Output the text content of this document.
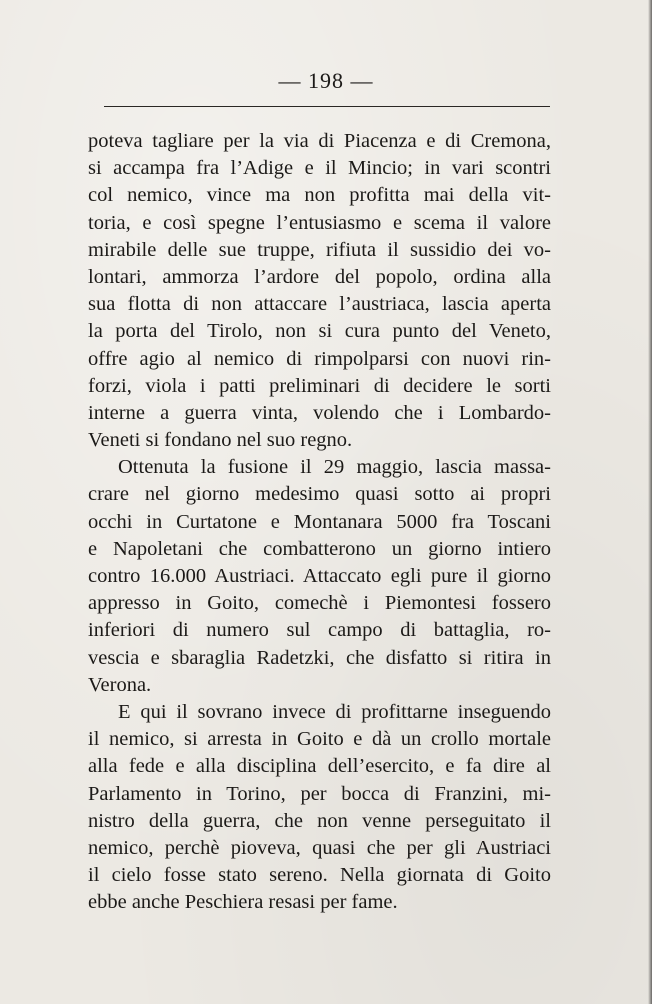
— 198 —
poteva tagliare per la via di Piacenza e di Cremona,
si accampa fra l’Adige e il Mincio; in vari scontri
col nemico, vince ma non profitta mai della vit-
toria, e così spegne l’entusiasmo e scema il valore
mirabile delle sue truppe, rifiuta il sussidio dei vo-
lontari, ammorza l’ardore del popolo, ordina alla
sua flotta di non attaccare l’austriaca, lascia aperta
la porta del Tirolo, non si cura punto del Veneto,
offre agio al nemico di rimpolparsi con nuovi rin-
forzi, viola i patti preliminari di decidere le sorti
interne a guerra vinta, volendo che i Lombardo-
Veneti si fondano nel suo regno.
Ottenuta la fusione il 29 maggio, lascia massa-
crare nel giorno medesimo quasi sotto ai propri
occhi in Curtatone e Montanara 5000 fra Toscani
e Napoletani che combatterono un giorno intiero
contro 16.000 Austriaci. Attaccato egli pure il giorno
appresso in Goito, comechè i Piemontesi fossero
inferiori di numero sul campo di battaglia, ro-
vescia e sbaraglia Radetzki, che disfatto si ritira in
Verona.
E qui il sovrano invece di profittarne inseguendo
il nemico, si arresta in Goito e dà un crollo mortale
alla fede e alla disciplina dell’esercito, e fa dire al
Parlamento in Torino, per bocca di Franzini, mi-
nistro della guerra, che non venne perseguitato il
nemico, perchè pioveva, quasi che per gli Austriaci
il cielo fosse stato sereno. Nella giornata di Goito
ebbe anche Peschiera resasi per fame.
